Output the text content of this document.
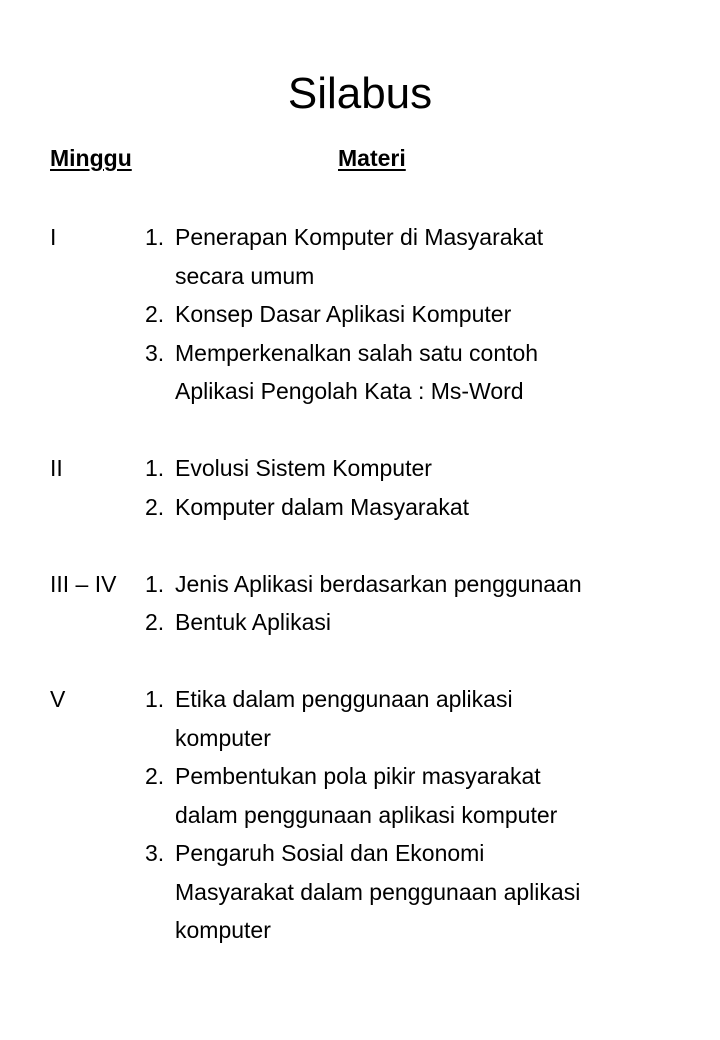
Silabus
Minggu	Materi
I	1. Penerapan Komputer di Masyarakat
secara umum
2. Konsep Dasar Aplikasi Komputer
3. Memperkenalkan salah satu contoh
Aplikasi Pengolah Kata : Ms-Word
II	1. Evolusi Sistem Komputer
2. Komputer dalam Masyarakat
III – IV 1. Jenis Aplikasi berdasarkan penggunaan
2. Bentuk Aplikasi
V	1. Etika dalam penggunaan aplikasi
komputer
2. Pembentukan pola pikir masyarakat
dalam penggunaan aplikasi komputer
3. Pengaruh Sosial dan Ekonomi
Masyarakat dalam penggunaan aplikasi
komputer
